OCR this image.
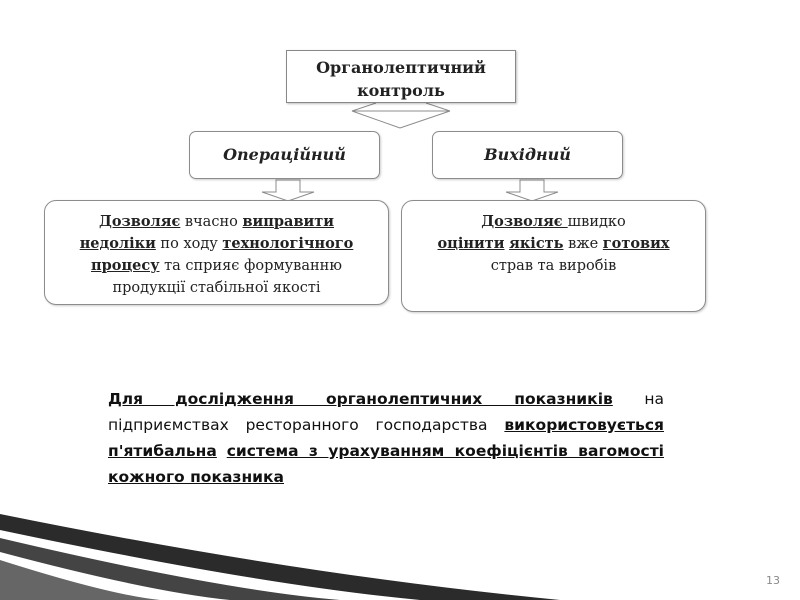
Органолептичний
контроль
Операційний	Вихідний
Дозволяє вчасно виправити
недоліки по ходу технологічного
процесу та сприяє формуванню
продукції стабільної якості
Дозволяє швидко
оцінити якість вже готових
страв та виробів
Для дослідження органолептичних показників на підприємствах ресторанного господарства використовується п'ятибальна система з урахуванням коефіцієнтів вагомості кожного показника
13
